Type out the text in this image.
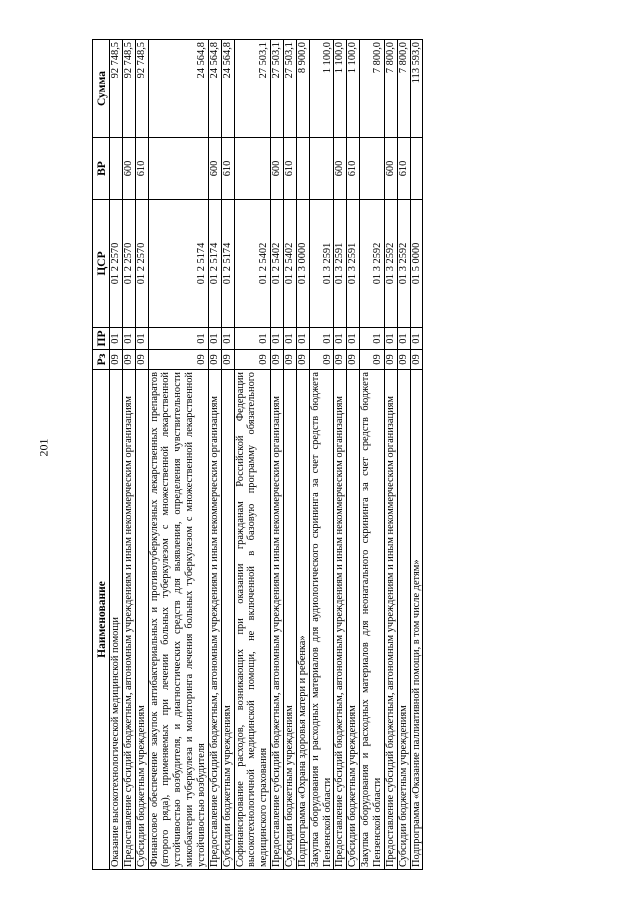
201
Наименование	Рз	ПР	ЦСР	ВР	Сумма
Оказание высокотехнологической медицинской помощи	09	01	01 2 2570		92 748,5
Предоставление субсидий бюджетным, автономным учреждениям и иным некоммерческим организациям	09	01	01 2 2570	600	92 748,5
Субсидии бюджетным учреждениям	09	01	01 2 2570	610	92 748,5
Финансовое обеспечение закупок антибактериальных и противотуберкулезных лекарственных препаратов (второго ряда), применяемых при лечении больных туберкулезом с множественной лекарственной устойчивостью возбудителя, и диагностических средств для выявления, определения чувствительности микобактерии туберкулеза и мониторинга лечения больных туберкулезом с множественной лекарственной устойчивостью возбудителя	09	01	01 2 5174		24 564,8
Предоставление субсидий бюджетным, автономным учреждениям и иным некоммерческим организациям	09	01	01 2 5174	600	24 564,8
Субсидии бюджетным учреждениям	09	01	01 2 5174	610	24 564,8
Софинансирование расходов, возникающих при оказании гражданам Российской Федерации высокотехнологичной медицинской помощи, не включенной в базовую программу обязательного медицинского страхования	09	01	01 2 5402		27 503,1
Предоставление субсидий бюджетным, автономным учреждениям и иным некоммерческим организациям	09	01	01 2 5402	600	27 503,1
Субсидии бюджетным учреждениям	09	01	01 2 5402	610	27 503,1
Подпрограмма «Охрана здоровья матери и ребенка»	09	01	01 3 0000		8 900,0
Закупка оборудования и расходных материалов для аудиологического скрининга за счет средств бюджета Пензенской области	09	01	01 3 2591		1 100,0
Предоставление субсидий бюджетным, автономным учреждениям и иным некоммерческим организациям	09	01	01 3 2591	600	1 100,0
Субсидии бюджетным учреждениям	09	01	01 3 2591	610	1 100,0
Закупка оборудования и расходных материалов для неонатального скрининга за счет средств бюджета Пензенской области	09	01	01 3 2592		7 800,0
Предоставление субсидий бюджетным, автономным учреждениям и иным некоммерческим организациям	09	01	01 3 2592	600	7 800,0
Субсидии бюджетным учреждениям	09	01	01 3 2592	610	7 800,0
Подпрограмма «Оказание паллиативной помощи, в том числе детям»	09	01	01 5 0000		113 593,0
